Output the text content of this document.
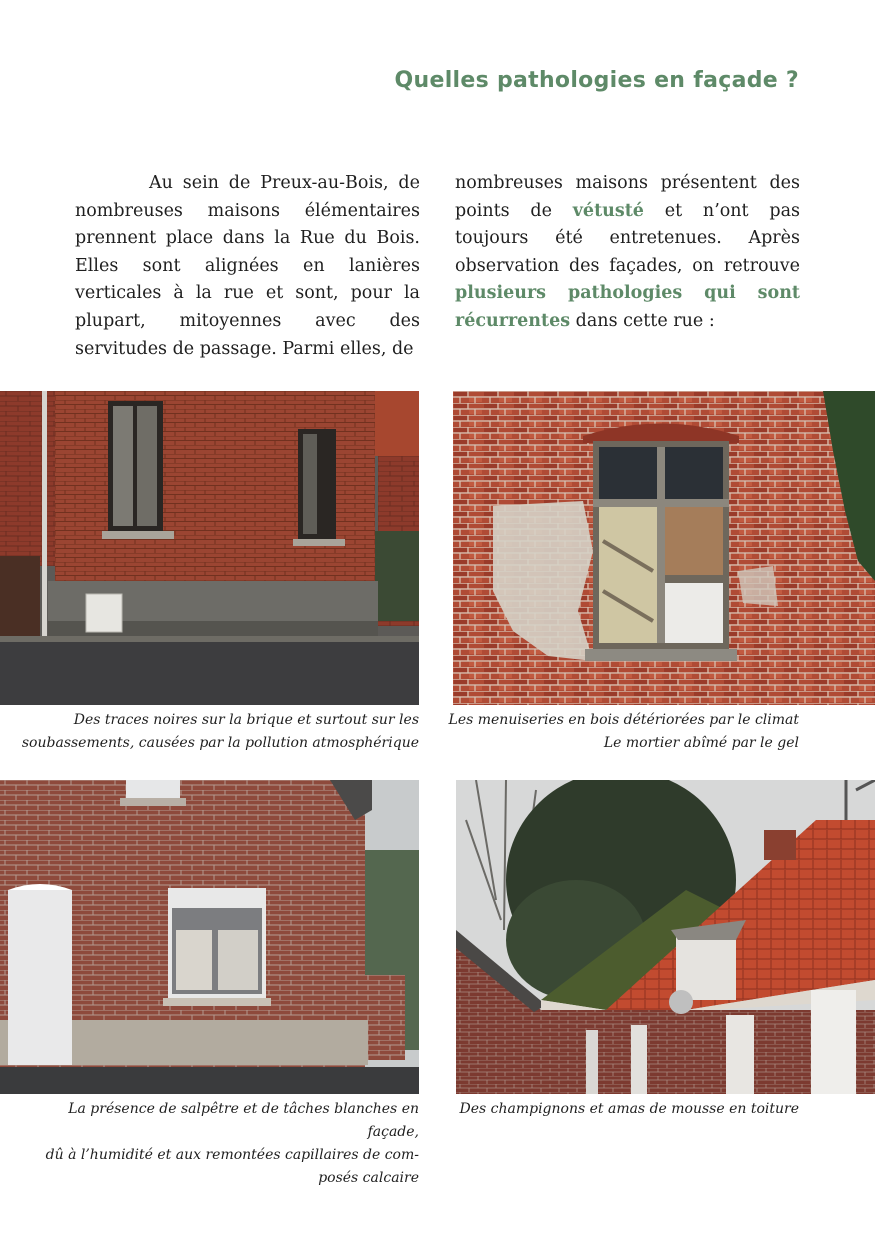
Quelles pathologies en façade ?
Au sein de Preux-au-Bois, de nombreuses maisons élémentaires prennent place dans la Rue du Bois. Elles sont alignées en lanières verticales à la rue et sont, pour la plupart, mitoyennes avec des servitudes de passage. Parmi elles, de
nombreuses maisons présentent des points de vétusté et n’ont pas toujours été entretenues. Après observation des façades, on retrouve plusieurs pathologies qui sont récurrentes dans cette rue :
Des traces noires sur la brique et surtout sur les
soubassements, causées par la pollution atmosphérique
Les menuiseries en bois détériorées par le climat
Le mortier abîmé par le gel
La présence de salpêtre et de tâches blanches en façade,
dû à l’humidité et aux remontées capillaires de com-
posés calcaire
Des champignons et amas de mousse en toiture
